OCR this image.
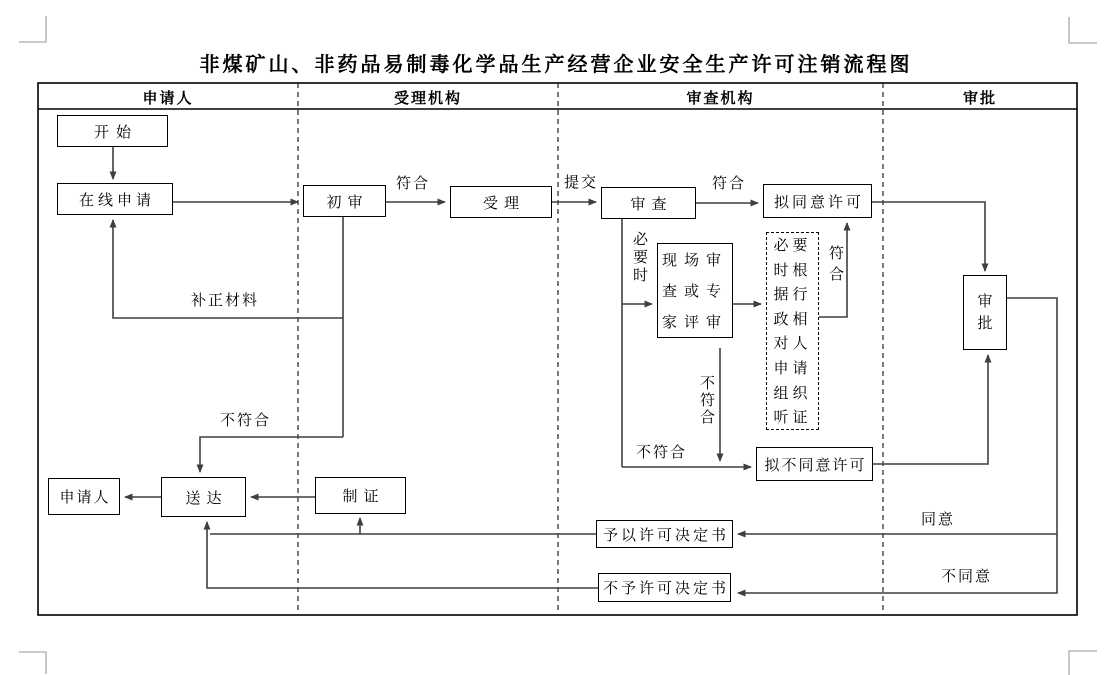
非煤矿山、非药品易制毒化学品生产经营企业安全生产许可注销流程图
申请人	受理机构	审查机构	审批
开始
在线申请	初审	受理	审查	拟同意许可
现场审查或专家评审
必要时根据行政相对人申请组织听证
审批
拟不同意许可
予以许可决定书
不予许可决定书
制证
送达
申请人
符合	提交	符合
符合
必要时
不符合
不符合
不符合
补正材料
同意
不同意
